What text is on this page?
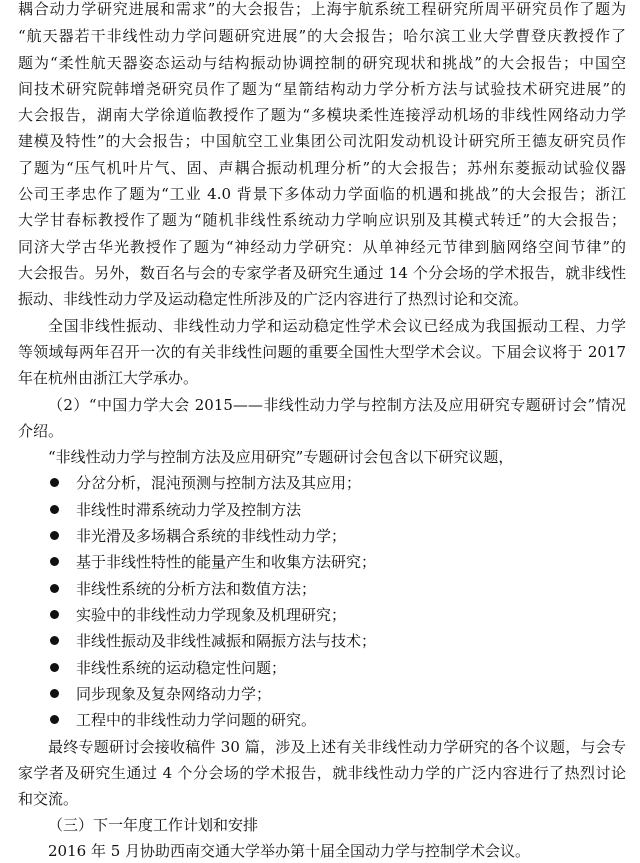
耦合动力学研究进展和需求”的大会报告；上海宇航系统工程研究所周平研究员作了题为
“航天器若干非线性动力学问题研究进展”的大会报告；哈尔滨工业大学曹登庆教授作了
题为“柔性航天器姿态运动与结构振动协调控制的研究现状和挑战”的大会报告；中国空
间技术研究院韩增尧研究员作了题为“星箭结构动力学分析方法与试验技术研究进展”的
大会报告，湖南大学徐道临教授作了题为“多模块柔性连接浮动机场的非线性网络动力学
建模及特性”的大会报告；中国航空工业集团公司沈阳发动机设计研究所王德友研究员作
了题为“压气机叶片气、固、声耦合振动机理分析”的大会报告；苏州东菱振动试验仪器
公司王孝忠作了题为“工业 4.0 背景下多体动力学面临的机遇和挑战”的大会报告；浙江
大学甘春标教授作了题为“随机非线性系统动力学响应识别及其模式转迁”的大会报告；
同济大学古华光教授作了题为“神经动力学研究：从单神经元节律到脑网络空间节律”的
大会报告。另外，数百名与会的专家学者及研究生通过 14 个分会场的学术报告，就非线性
振动、非线性动力学及运动稳定性所涉及的广泛内容进行了热烈讨论和交流。
全国非线性振动、非线性动力学和运动稳定性学术会议已经成为我国振动工程、力学
等领域每两年召开一次的有关非线性问题的重要全国性大型学术会议。下届会议将于 2017
年在杭州由浙江大学承办。
（2）“中国力学大会 2015——非线性动力学与控制方法及应用研究专题研讨会”情况
介绍。
“非线性动力学与控制方法及应用研究”专题研讨会包含以下研究议题，
分岔分析，混沌预测与控制方法及其应用；
非线性时滞系统动力学及控制方法
非光滑及多场耦合系统的非线性动力学；
基于非线性特性的能量产生和收集方法研究；
非线性系统的分析方法和数值方法；
实验中的非线性动力学现象及机理研究；
非线性振动及非线性减振和隔振方法与技术；
非线性系统的运动稳定性问题；
同步现象及复杂网络动力学；
工程中的非线性动力学问题的研究。
最终专题研讨会接收稿件 30 篇，涉及上述有关非线性动力学研究的各个议题，与会专
家学者及研究生通过 4 个分会场的学术报告，就非线性动力学的广泛内容进行了热烈讨论
和交流。
（三）下一年度工作计划和安排
2016 年 5 月协助西南交通大学举办第十届全国动力学与控制学术会议。
